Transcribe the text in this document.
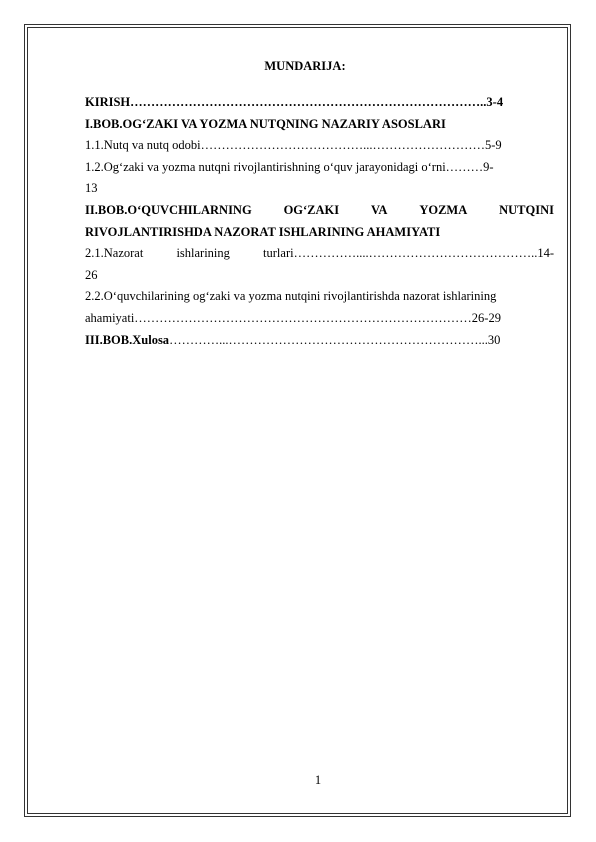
MUNDARIJA:
KIRISH…………………………………………………………………………..3-4
I.BOB.OG‘ZAKI VA YOZMA NUTQNING NAZARIY ASOSLARI
1.1.Nutq va nutq odobi…………………………………...………………………5-9
1.2.Og‘zaki va yozma nutqni rivojlantirishning o‘quv jarayonidagi o‘rni………9-
13
II.BOB.O‘QUVCHILARNING	OG‘ZAKI	VA	YOZMA	NUTQINI
RIVOJLANTIRISHDA NAZORAT ISHLARINING AHAMIYATI
2.1.Nazorat	ishlarining	turlari……………....…………………………………..14-
26
2.2.O‘quvchilarining og‘zaki va yozma nutqini rivojlantirishda nazorat ishlarining
ahamiyati………………………………………………………………………26-29
III.BOB.Xulosa…………...……………………………………………………...30
1
